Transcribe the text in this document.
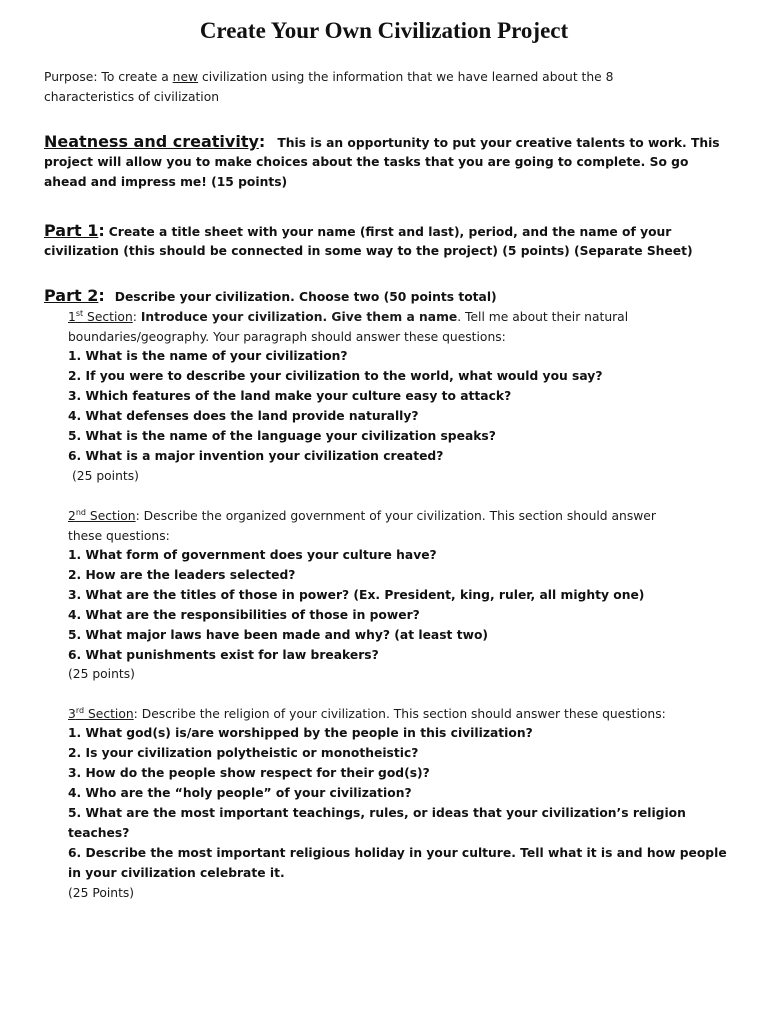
Create Your Own Civilization Project
Purpose: To create a new civilization using the information that we have learned about the 8
characteristics of civilization
Neatness and creativity: This is an opportunity to put your creative talents to work. This
project will allow you to make choices about the tasks that you are going to complete. So go
ahead and impress me! (15 points)
Part 1: Create a title sheet with your name (first and last), period, and the name of your
civilization (this should be connected in some way to the project) (5 points) (Separate Sheet)
Part 2: Describe your civilization. Choose two (50 points total)
1st Section: Introduce your civilization. Give them a name. Tell me about their natural
boundaries/geography. Your paragraph should answer these questions:
1. What is the name of your civilization?
2. If you were to describe your civilization to the world, what would you say?
3. Which features of the land make your culture easy to attack?
4. What defenses does the land provide naturally?
5. What is the name of the language your civilization speaks?
6. What is a major invention your civilization created?
(25 points)
2nd Section: Describe the organized government of your civilization. This section should answer
these questions:
1. What form of government does your culture have?
2. How are the leaders selected?
3. What are the titles of those in power? (Ex. President, king, ruler, all mighty one)
4. What are the responsibilities of those in power?
5. What major laws have been made and why? (at least two)
6. What punishments exist for law breakers?
(25 points)
3rd Section: Describe the religion of your civilization. This section should answer these questions:
1. What god(s) is/are worshipped by the people in this civilization?
2. Is your civilization polytheistic or monotheistic?
3. How do the people show respect for their god(s)?
4. Who are the “holy people” of your civilization?
5. What are the most important teachings, rules, or ideas that your civilization’s religion
teaches?
6. Describe the most important religious holiday in your culture. Tell what it is and how people
in your civilization celebrate it.
(25 Points)
